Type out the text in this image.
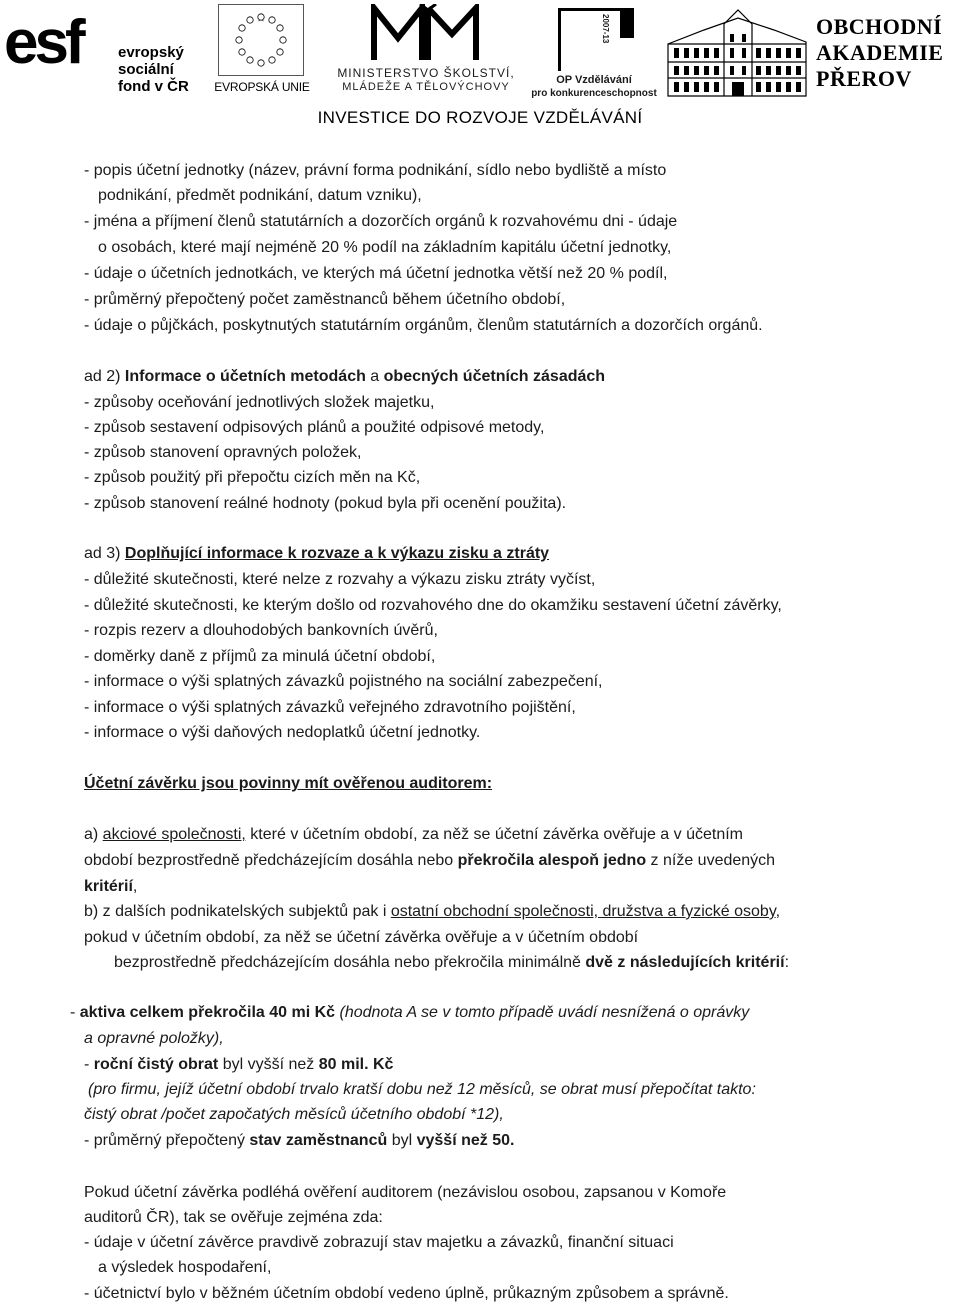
esf evropský
sociální
fond v ČR	EVROPSKÁ UNIE
MINISTERSTVO ŠKOLSTVÍ,
MLÁDEŽE A TĚLOVÝCHOVY
2007-13
OP Vzdělávání
pro konkurenceschopnost
OBCHODNÍ
AKADEMIE
PŘEROV
INVESTICE DO ROZVOJE VZDĚLÁVÁNÍ
- popis účetní jednotky (název, právní forma podnikání, sídlo nebo bydliště a místo
podnikání, předmět podnikání, datum vzniku),
- jména a příjmení členů statutárních a dozorčích orgánů k rozvahovému dni - údaje
o osobách, které mají nejméně 20 % podíl na základním kapitálu účetní jednotky,
- údaje o účetních jednotkách, ve kterých má účetní jednotka větší než 20 % podíl,
- průměrný přepočtený počet zaměstnanců během účetního období,
- údaje o půjčkách, poskytnutých statutárním orgánům, členům statutárních a dozorčích orgánů.
ad 2) Informace o účetních metodách a obecných účetních zásadách
- způsoby oceňování jednotlivých složek majetku,
- způsob sestavení odpisových plánů a použité odpisové metody,
- způsob stanovení opravných položek,
- způsob použitý při přepočtu cizích měn na Kč,
- způsob stanovení reálné hodnoty (pokud byla při ocenění použita).
ad 3) Doplňující informace k rozvaze a k výkazu zisku a ztráty
- důležité skutečnosti, které nelze z rozvahy a výkazu zisku ztráty vyčíst,
- důležité skutečnosti, ke kterým došlo od rozvahového dne do okamžiku sestavení účetní závěrky,
- rozpis rezerv a dlouhodobých bankovních úvěrů,
- doměrky daně z příjmů za minulá účetní období,
- informace o výši splatných závazků pojistného na sociální zabezpečení,
- informace o výši splatných závazků veřejného zdravotního pojištění,
- informace o výši daňových nedoplatků účetní jednotky.
Účetní závěrku jsou povinny mít ověřenou auditorem:
a) akciové společnosti, které v účetním období, za něž se účetní závěrka ověřuje a v účetním
období bezprostředně předcházejícím dosáhla nebo překročila alespoň jedno z níže uvedených
kritérií,
b) z dalších podnikatelských subjektů pak i ostatní obchodní společnosti, družstva a fyzické osoby,
pokud v účetním období, za něž se účetní závěrka ověřuje a v účetním období
bezprostředně předcházejícím dosáhla nebo překročila minimálně dvě z následujících kritérií:
- aktiva celkem překročila 40 mi Kč (hodnota A se v tomto případě uvádí nesnížená o oprávky
a opravné položky),
- roční čistý obrat byl vyšší než 80 mil. Kč
(pro firmu, jejíž účetní období trvalo kratší dobu než 12 měsíců, se obrat musí přepočítat takto:
čistý obrat /počet započatých měsíců účetního období *12),
- průměrný přepočtený stav zaměstnanců byl vyšší než 50.
Pokud účetní závěrka podléhá ověření auditorem (nezávislou osobou, zapsanou v Komoře
auditorů ČR), tak se ověřuje zejména zda:
- údaje v účetní závěrce pravdivě zobrazují stav majetku a závazků, finanční situaci
a výsledek hospodaření,
- účetnictví bylo v běžném účetním období vedeno úplně, průkazným způsobem a správně.
